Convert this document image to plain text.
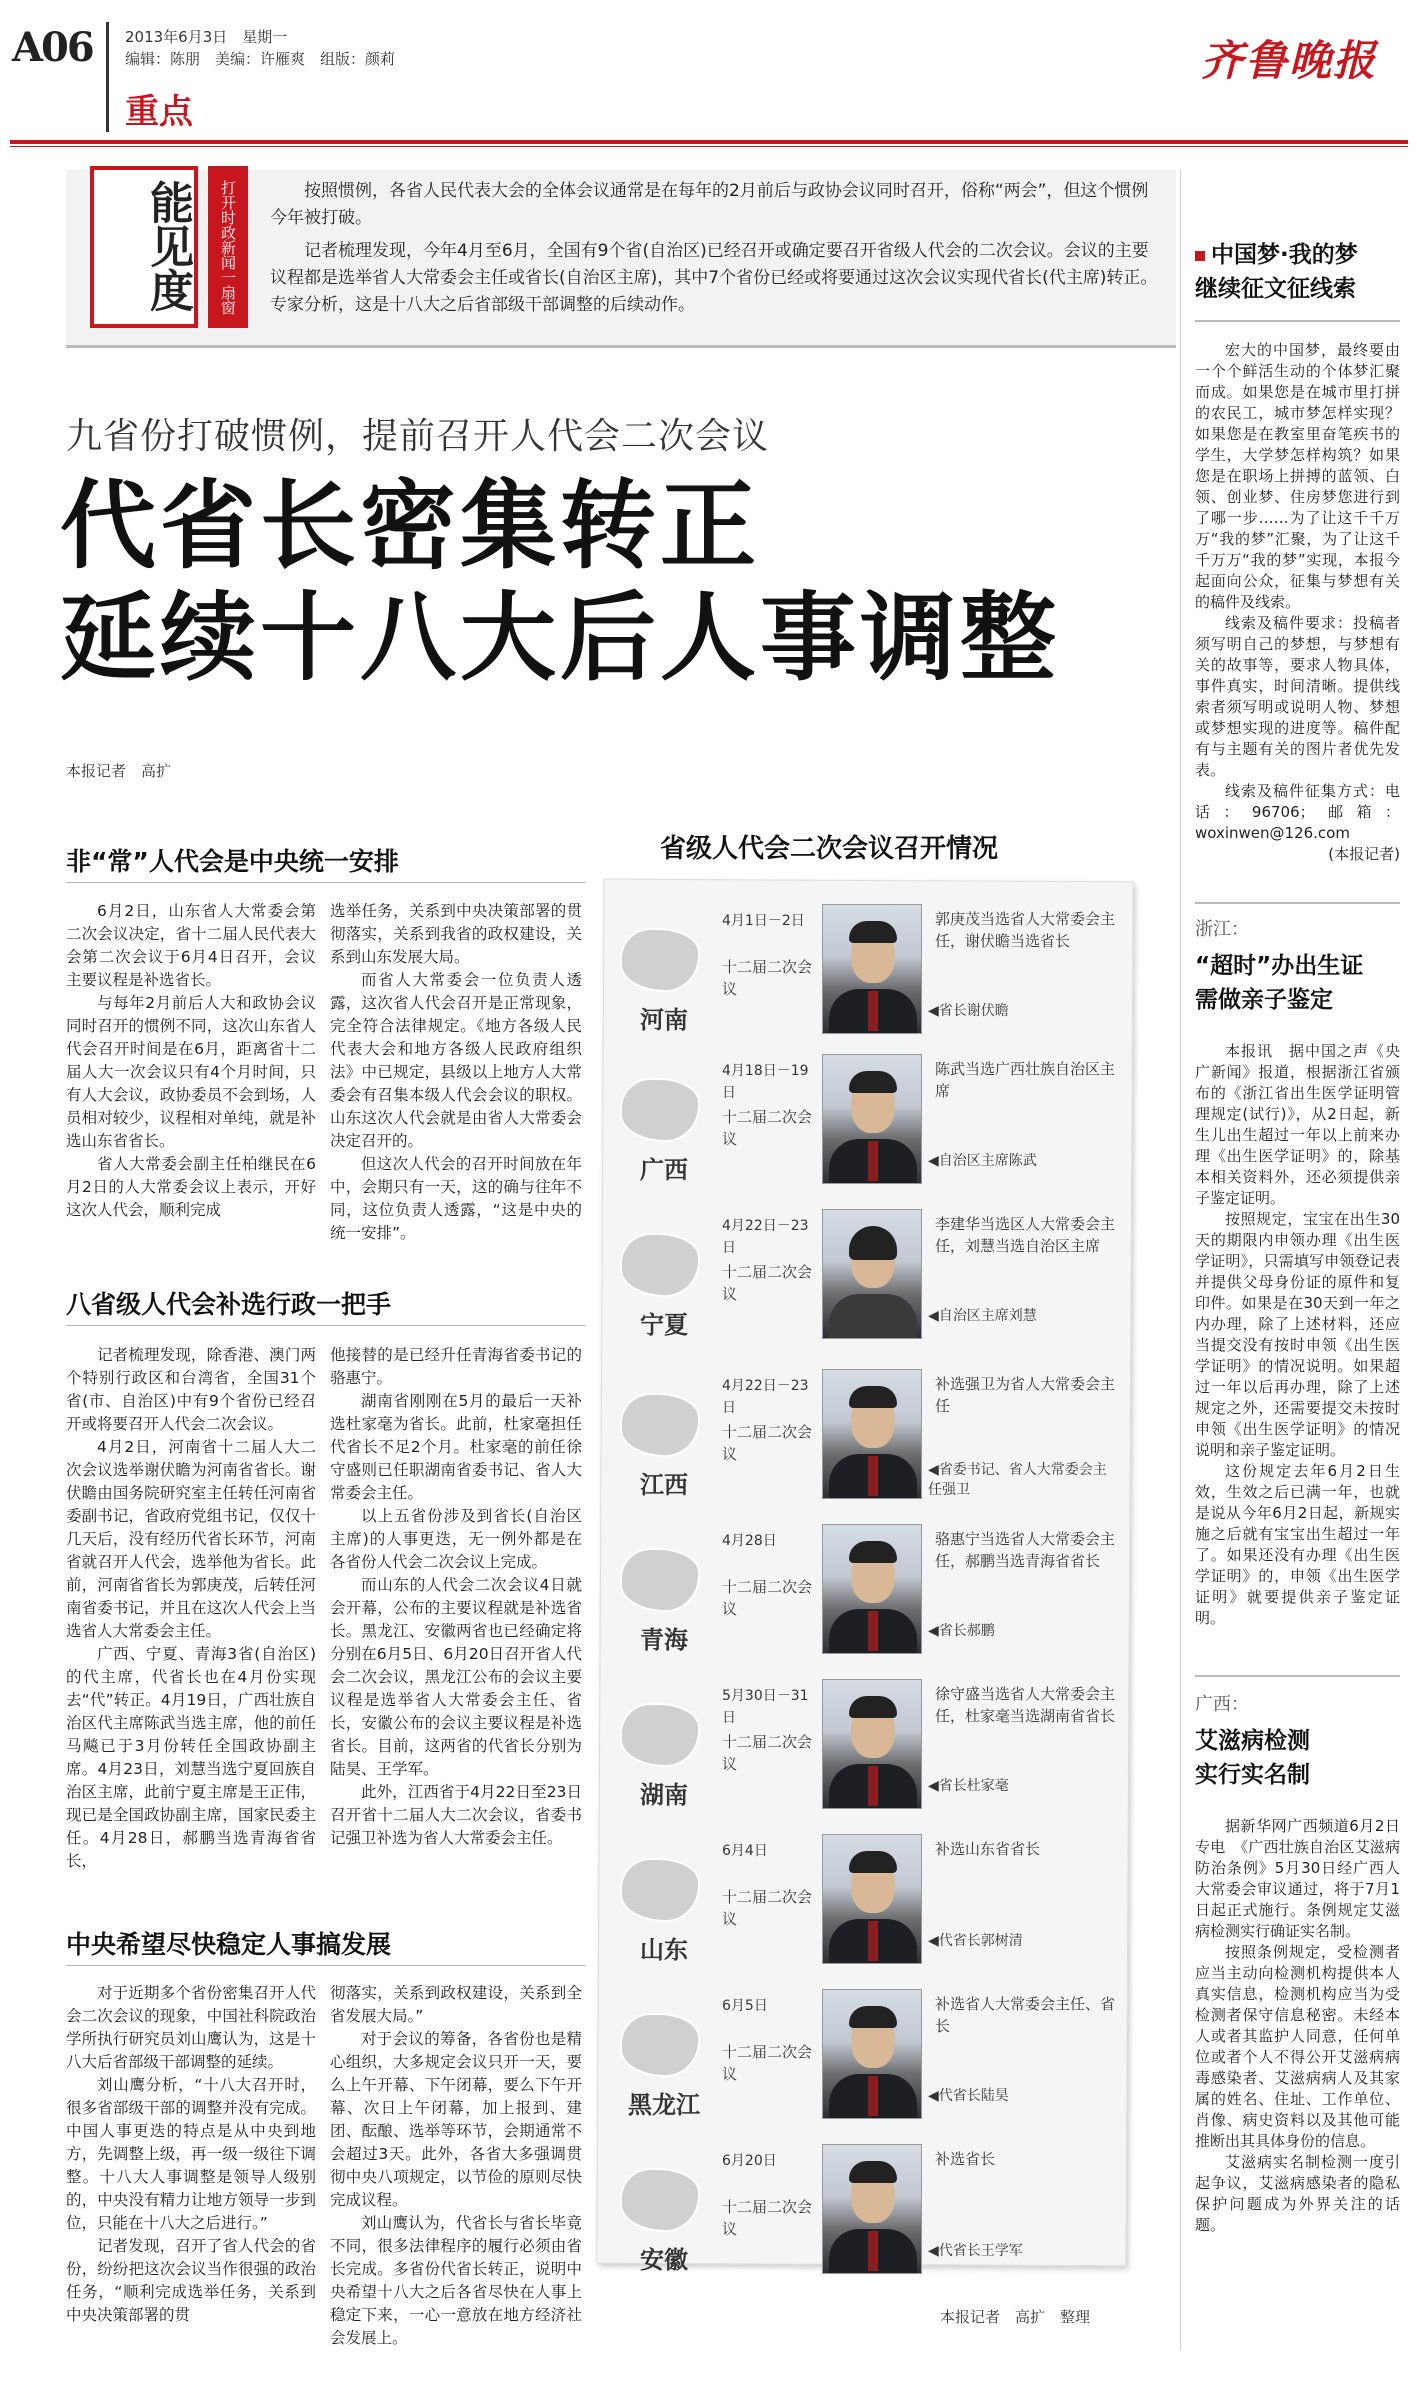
A06 2013年6月3日　星期一
编辑：陈朋　美编：许雁爽　组版：颜莉
重点
齐鲁晚报
能见度	打开时政新闻一扇窗	按照惯例，各省人民代表大会的全体会议通常是在每年的2月前后与政协会议同时召开，俗称“两会”，但这个惯例今年被打破。

记者梳理发现，今年4月至6月，全国有9个省(自治区)已经召开或确定要召开省级人代会的二次会议。会议的主要议程都是选举省人大常委会主任或省长(自治区主席)，其中7个省份已经或将要通过这次会议实现代省长(代主席)转正。专家分析，这是十八大之后省部级干部调整的后续动作。

九省份打破惯例，提前召开人代会二次会议
代省长密集转正
延续十八大后人事调整
本报记者　高扩
非“常”人代会是中央统一安排

6月2日，山东省人大常委会第二次会议决定，省十二届人民代表大会第二次会议于6月4日召开，会议主要议程是补选省长。

与每年2月前后人大和政协会议同时召开的惯例不同，这次山东省人代会召开时间是在6月，距离省十二届人大一次会议只有4个月时间，只有人大会议，政协委员不会到场，人员相对较少，议程相对单纯，就是补选山东省省长。

省人大常委会副主任柏继民在6月2日的人大常委会议上表示，开好这次人代会，顺利完成

选举任务，关系到中央决策部署的贯彻落实，关系到我省的政权建设，关系到山东发展大局。

而省人大常委会一位负责人透露，这次省人代会召开是正常现象，完全符合法律规定。《地方各级人民代表大会和地方各级人民政府组织法》中已规定，县级以上地方人大常委会有召集本级人代会会议的职权。山东这次人代会就是由省人大常委会决定召开的。

但这次人代会的召开时间放在年中，会期只有一天，这的确与往年不同，这位负责人透露，“这是中央的统一安排”。

八省级人代会补选行政一把手

记者梳理发现，除香港、澳门两个特别行政区和台湾省，全国31个省(市、自治区)中有9个省份已经召开或将要召开人代会二次会议。

4月2日，河南省十二届人大二次会议选举谢伏瞻为河南省省长。谢伏瞻由国务院研究室主任转任河南省委副书记，省政府党组书记，仅仅十几天后，没有经历代省长环节，河南省就召开人代会，选举他为省长。此前，河南省省长为郭庚茂，后转任河南省委书记，并且在这次人代会上当选省人大常委会主任。

广西、宁夏、青海3省(自治区)的代主席，代省长也在4月份实现去“代”转正。4月19日，广西壮族自治区代主席陈武当选主席，他的前任马飚已于3月份转任全国政协副主席。4月23日，刘慧当选宁夏回族自治区主席，此前宁夏主席是王正伟，现已是全国政协副主席，国家民委主任。4月28日，郝鹏当选青海省省长，

他接替的是已经升任青海省委书记的骆惠宁。

湖南省刚刚在5月的最后一天补选杜家毫为省长。此前，杜家毫担任代省长不足2个月。杜家毫的前任徐守盛则已任职湖南省委书记、省人大常委会主任。

以上五省份涉及到省长(自治区主席)的人事更迭，无一例外都是在各省份人代会二次会议上完成。

而山东的人代会二次会议4日就会开幕，公布的主要议程就是补选省长。黑龙江、安徽两省也已经确定将分别在6月5日、6月20日召开省人代会二次会议，黑龙江公布的会议主要议程是选举省人大常委会主任、省长，安徽公布的会议主要议程是补选省长。目前，这两省的代省长分别为陆昊、王学军。

此外，江西省于4月22日至23日召开省十二届人大二次会议，省委书记强卫补选为省人大常委会主任。

中央希望尽快稳定人事搞发展

对于近期多个省份密集召开人代会二次会议的现象，中国社科院政治学所执行研究员刘山鹰认为，这是十八大后省部级干部调整的延续。

刘山鹰分析，“十八大召开时，很多省部级干部的调整并没有完成。中国人事更迭的特点是从中央到地方，先调整上级，再一级一级往下调整。十八大人事调整是领导人级别的，中央没有精力让地方领导一步到位，只能在十八大之后进行。”

记者发现，召开了省人代会的省份，纷纷把这次会议当作很强的政治任务，“顺利完成选举任务，关系到中央决策部署的贯

彻落实，关系到政权建设，关系到全省发展大局。”

对于会议的筹备，各省份也是精心组织，大多规定会议只开一天，要么上午开幕、下午闭幕，要么下午开幕、次日上午闭幕，加上报到、建团、酝酿、选举等环节，会期通常不会超过3天。此外，各省大多强调贯彻中央八项规定，以节俭的原则尽快完成议程。

刘山鹰认为，代省长与省长毕竟不同，很多法律程序的履行必须由省长完成。多省份代省长转正，说明中央希望十八大之后各省尽快在人事上稳定下来，一心一意放在地方经济社会发展上。

省级人代会二次会议召开情况
河南
4月1日－2日
十二届二次会议
郭庚茂当选省人大常委会主任，谢伏瞻当选省长
◀省长谢伏瞻
广西
4月18日－19日
十二届二次会议
陈武当选广西壮族自治区主席
◀自治区主席陈武
宁夏
4月22日－23日
十二届二次会议
李建华当选区人大常委会主任，刘慧当选自治区主席
◀自治区主席刘慧
江西
4月22日－23日
十二届二次会议
补选强卫为省人大常委会主任
◀省委书记、省人大常委会主任强卫
青海
4月28日
十二届二次会议
骆惠宁当选省人大常委会主任，郝鹏当选青海省省长
◀省长郝鹏
湖南
5月30日－31日
十二届二次会议
徐守盛当选省人大常委会主任，杜家毫当选湖南省省长
◀省长杜家毫
山东
6月4日
十二届二次会议
补选山东省省长
◀代省长郭树清
黑龙江
6月5日
十二届二次会议
补选省人大常委会主任、省长
◀代省长陆昊
安徽
6月20日
十二届二次会议
补选省长
◀代省长王学军
本报记者　高扩　整理
中国梦·我的梦
继续征文征线索

宏大的中国梦，最终要由一个个鲜活生动的个体梦汇聚而成。如果您是在城市里打拼的农民工，城市梦怎样实现？如果您是在教室里奋笔疾书的学生，大学梦怎样构筑？如果您是在职场上拼搏的蓝领、白领、创业梦、住房梦您进行到了哪一步……为了让这千千万万“我的梦”汇聚，为了让这千千万万“我的梦”实现，本报今起面向公众，征集与梦想有关的稿件及线索。

线索及稿件要求：投稿者须写明自己的梦想，与梦想有关的故事等，要求人物具体，事件真实，时间清晰。提供线索者须写明或说明人物、梦想或梦想实现的进度等。稿件配有与主题有关的图片者优先发表。

线索及稿件征集方式：电话：96706；邮箱：woxinwen@126.com

(本报记者)
浙江：
“超时”办出生证
需做亲子鉴定

本报讯　据中国之声《央广新闻》报道，根据浙江省颁布的《浙江省出生医学证明管理规定(试行)》，从2日起，新生儿出生超过一年以上前来办理《出生医学证明》的，除基本相关资料外，还必须提供亲子鉴定证明。

按照规定，宝宝在出生30天的期限内申领办理《出生医学证明》，只需填写申领登记表并提供父母身份证的原件和复印件。如果是在30天到一年之内办理，除了上述材料，还应当提交没有按时申领《出生医学证明》的情况说明。如果超过一年以后再办理，除了上述规定之外，还需要提交未按时申领《出生医学证明》的情况说明和亲子鉴定证明。

这份规定去年6月2日生效，生效之后已满一年，也就是说从今年6月2日起，新规实施之后就有宝宝出生超过一年了。如果还没有办理《出生医学证明》的，申领《出生医学证明》就要提供亲子鉴定证明。

广西：
艾滋病检测
实行实名制

据新华网广西频道6月2日专电　《广西壮族自治区艾滋病防治条例》5月30日经广西人大常委会审议通过，将于7月1日起正式施行。条例规定艾滋病检测实行确证实名制。

按照条例规定，受检测者应当主动向检测机构提供本人真实信息，检测机构应当为受检测者保守信息秘密。未经本人或者其监护人同意，任何单位或者个人不得公开艾滋病病毒感染者、艾滋病病人及其家属的姓名、住址、工作单位、肖像、病史资料以及其他可能推断出其具体身份的信息。

艾滋病实名制检测一度引起争议，艾滋病感染者的隐私保护问题成为外界关注的话题。
